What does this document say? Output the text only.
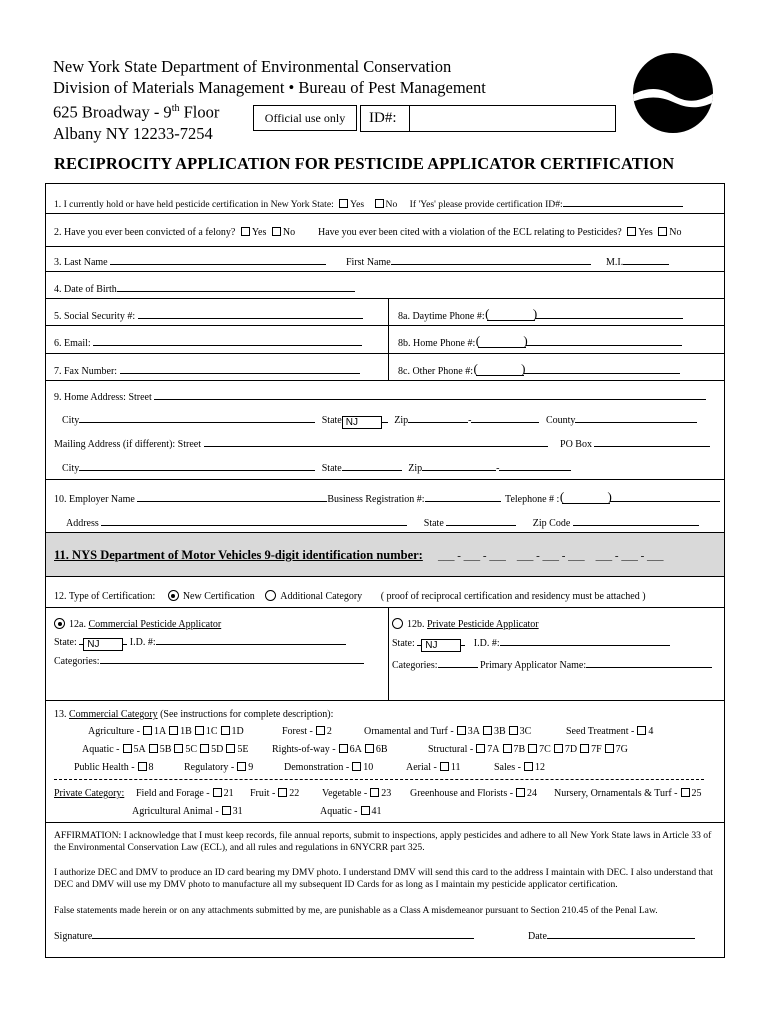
New York State Department of Environmental Conservation
Division of Materials Management • Bureau of Pest Management
625 Broadway - 9th Floor
Albany NY 12233-7254
Official use only	ID#:
RECIPROCITY APPLICATION FOR PESTICIDE APPLICATOR CERTIFICATION
1. I currently hold or have held pesticide certification in New York State: Yes No If 'Yes' please provide certification ID#:
2. Have you ever been convicted of a felony? Yes No Have you ever been cited with a violation of the ECL relating to Pesticides? Yes No
3. Last Name	First Name	M.I.
4. Date of Birth
5. Social Security #:	8a. Daytime Phone #: ( )
6. Email:	8b. Home Phone #: ( )
7. Fax Number:	8c. Other Phone #: ( )
9. Home Address: Street
City	State NJ	Zip	-	County
Mailing Address (if different): Street	PO Box
City	State	Zip	-
10. Employer Name	Business Registration #:	Telephone # : ( )
Address	State	Zip Code
11. NYS Department of Motor Vehicles 9-digit identification number: ___ - ___ - ___    ___ - ___ - ___    ___ - ___ - ___
12. Type of Certification:	New Certification	Additional Category ( proof of reciprocal certification and residency must be attached )
12a. Commercial Pesticide Applicator
State: NJ	I.D. #:
Categories:
12b. Private Pesticide Applicator
State: NJ	I.D. #:
Categories:	Primary Applicator Name:
13. Commercial Category (See instructions for complete description):
Agriculture - 1A 1B 1C 1D	Forest - 2	Ornamental and Turf - 3A 3B 3C	Seed Treatment - 4
Aquatic - 5A 5B 5C 5D 5E Rights-of-way - 6A 6B	Structural - 7A 7B 7C 7D 7F 7G
Public Health - 8	Regulatory - 9	Demonstration - 10	Aerial - 11	Sales - 12
Private Category: Field and Forage - 21 Fruit - 22 Vegetable - 23 Greenhouse and Florists - 24 Nursery, Ornamentals & Turf - 25
Agricultural Animal - 31	Aquatic - 41
AFFIRMATION: I acknowledge that I must keep records, file annual reports, submit to inspections, apply pesticides and adhere to all New York State laws in Article 33 of the Environmental Conservation Law (ECL), and all rules and regulations in 6NYCRR part 325.
I authorize DEC and DMV to produce an ID card bearing my DMV photo. I understand DMV will send this card to the address I maintain with DEC. I also understand that DEC and DMV will use my DMV photo to manufacture all my subsequent ID Cards for as long as I maintain my pesticide applicator certification.
False statements made herein or on any attachments submitted by me, are punishable as a Class A misdemeanor pursuant to Section 210.45 of the Penal Law.
Signature	Date
